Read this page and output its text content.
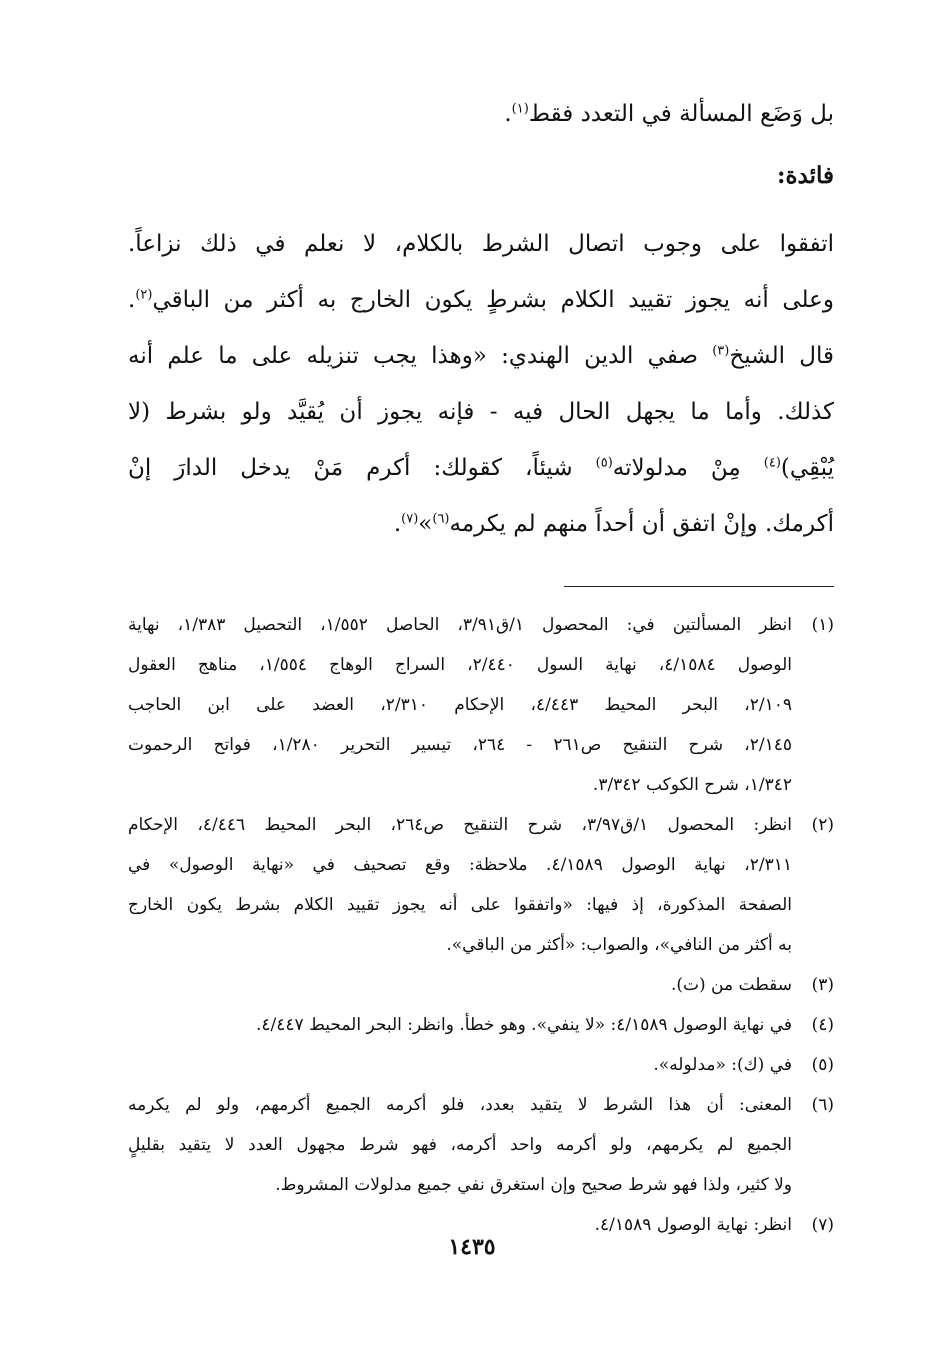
بل وَضَع المسألة في التعدد فقط$^{(١)}$.
فائدة:
اتفقوا على وجوب اتصال الشرط بالكلام، لا نعلم في ذلك نزاعاً.
وعلى أنه يجوز تقييد الكلام بشرطٍ يكون الخارج به أكثر من الباقي$^{(٢)}$.
قال الشيخ$^{(٣)}$ صفي الدين الهندي: «وهذا يجب تنزيله على ما علم أنه
كذلك. وأما ما يجهل الحال فيه - فإنه يجوز أن يُقيَّد ولو بشرط (لا
يُبْقِي)$^{(٤)}$ مِنْ مدلولاته$^{(٥)}$ شيئاً، كقولك: أكرم مَنْ يدخل الدارَ إنْ
أكرمك. وإنْ اتفق أن أحداً منهم لم يكرمه$^{(٦)}$»$^{(٧)}$.
(١)
انظر المسألتين في: المحصول ١/ق٣/٩١، الحاصل ١/٥٥٢، التحصيل ١/٣٨٣، نهاية
الوصول ٤/١٥٨٤، نهاية السول ٢/٤٤٠، السراج الوهاج ١/٥٥٤، مناهج العقول
٢/١٠٩، البحر المحيط ٤/٤٤٣، الإحكام ٢/٣١٠، العضد على ابن الحاجب
٢/١٤٥، شرح التنقيح ص٢٦١ - ٢٦٤، تيسير التحرير ١/٢٨٠، فواتح الرحموت
١/٣٤٢، شرح الكوكب ٣/٣٤٢.
(٢)
انظر: المحصول ١/ق٣/٩٧، شرح التنقيح ص٢٦٤، البحر المحيط ٤/٤٤٦، الإحكام
٢/٣١١، نهاية الوصول ٤/١٥٨٩. ملاحظة: وقع تصحيف في «نهاية الوصول» في
الصفحة المذكورة، إذ فيها: «واتفقوا على أنه يجوز تقييد الكلام بشرط يكون الخارج
به أكثر من النافي»، والصواب: «أكثر من الباقي».
(٣)
سقطت من (ت).
(٤)
في نهاية الوصول ٤/١٥٨٩: «لا ينفي». وهو خطأ. وانظر: البحر المحيط ٤/٤٤٧.
(٥)
في (ك): «مدلوله».
(٦)
المعنى: أن هذا الشرط لا يتقيد بعدد، فلو أكرمه الجميع أكرمهم، ولو لم يكرمه
الجميع لم يكرمهم، ولو أكرمه واحد أكرمه، فهو شرط مجهول العدد لا يتقيد بقليلٍ
ولا كثير، ولذا فهو شرط صحيح وإن استغرق نفي جميع مدلولات المشروط.
(٧)
انظر: نهاية الوصول ٤/١٥٨٩.
١٤٣٥
